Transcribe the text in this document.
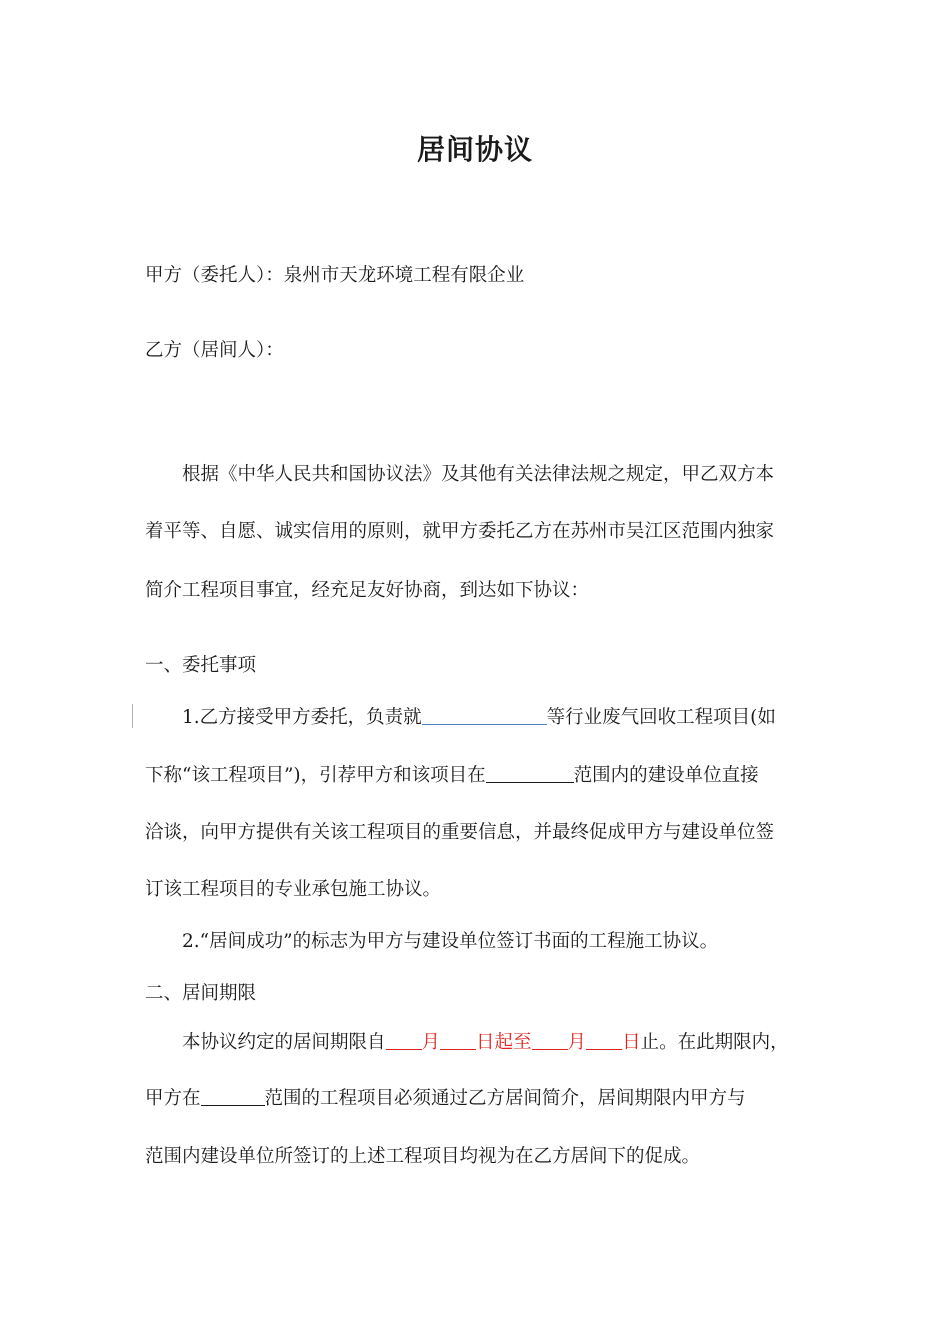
居间协议
甲方（委托人）：泉州市天龙环境工程有限企业
乙方（居间人）：
根据《中华人民共和国协议法》及其他有关法律法规之规定，甲乙双方本
着平等、自愿、诚实信用的原则，就甲方委托乙方在苏州市吴江区范围内独家
简介工程项目事宜，经充足友好协商，到达如下协议：
一、委托事项
1.乙方接受甲方委托，负责就	等行业废气回收工程项目(如
下称“该工程项目”)，引荐甲方和该项目在	范围内的建设单位直接
洽谈，向甲方提供有关该工程项目的重要信息，并最终促成甲方与建设单位签
订该工程项目的专业承包施工协议。
2.“居间成功”的标志为甲方与建设单位签订书面的工程施工协议。
二、居间期限
本协议约定的居间期限自 月 日起至 月 日止。在此期限内，
甲方在	范围的工程项目必须通过乙方居间简介，居间期限内甲方与
范围内建设单位所签订的上述工程项目均视为在乙方居间下的促成。
